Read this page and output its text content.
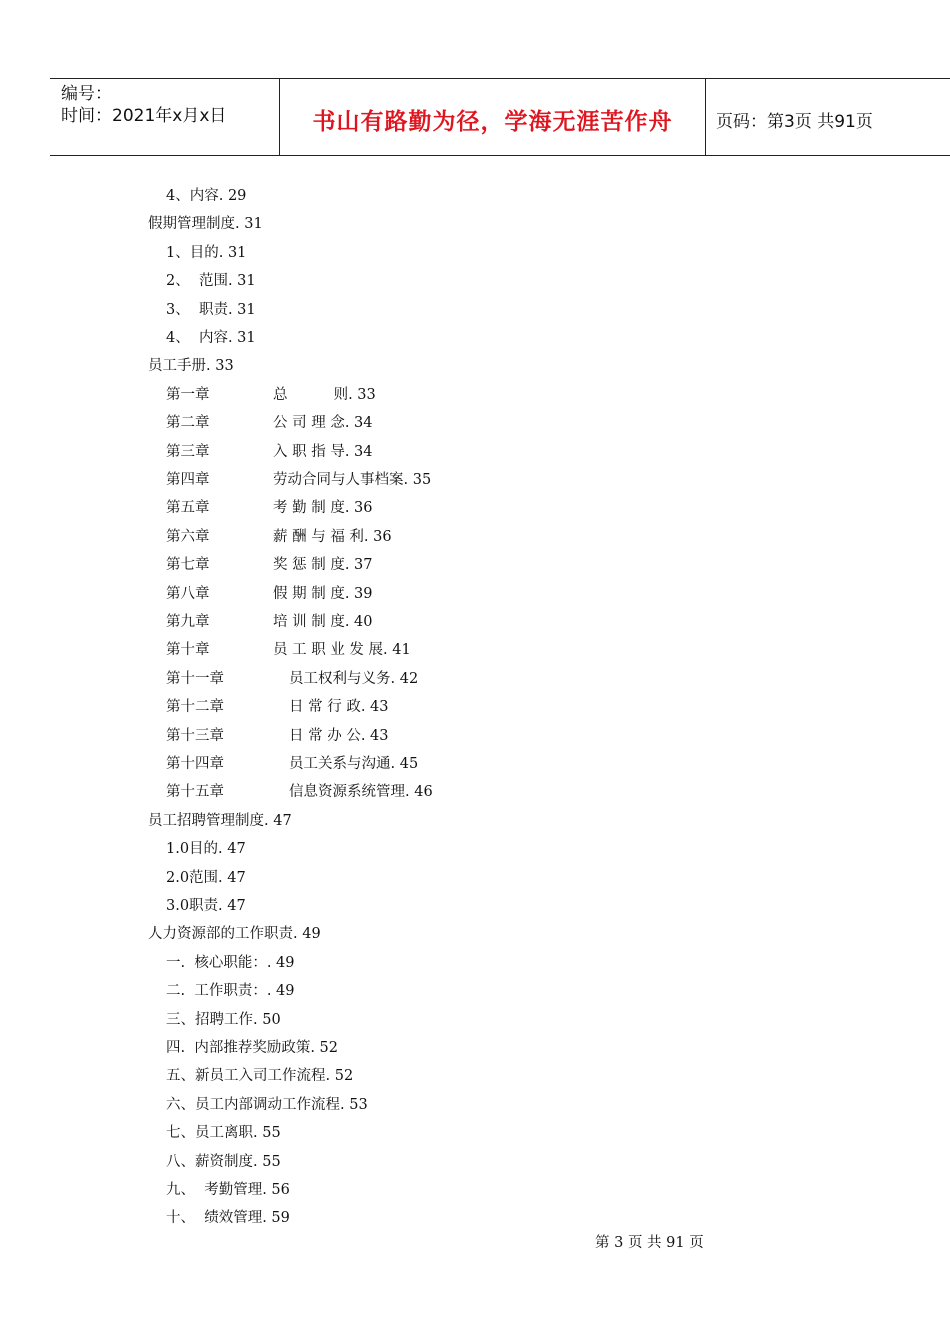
编号：
时间：2021年x月x日	书山有路勤为径，学海无涯苦作舟	页码：第3页 共91页
4、内容. 29
假期管理制度. 31
1、目的. 31
2、  范围. 31
3、  职责. 31
4、  内容. 31
员工手册. 33
第一章	总          则. 33
第二章	公 司 理 念. 34
第三章	入 职 指 导. 34
第四章	劳动合同与人事档案. 35
第五章	考 勤 制 度. 36
第六章	薪 酬 与 福 利. 36
第七章	奖 惩 制 度. 37
第八章	假 期 制 度. 39
第九章	培 训 制 度. 40
第十章	员 工 职 业 发 展. 41
第十一章	员工权利与义务. 42
第十二章	日 常 行 政. 43
第十三章	日 常 办 公. 43
第十四章	员工关系与沟通. 45
第十五章	信息资源系统管理. 46
员工招聘管理制度. 47
1.0目的. 47
2.0范围. 47
3.0职责. 47
人力资源部的工作职责. 49
一.  核心职能：. 49
二.  工作职责：. 49
三、招聘工作. 50
四.  内部推荐奖励政策. 52
五、新员工入司工作流程. 52
六、员工内部调动工作流程. 53
七、员工离职. 55
八、薪资制度. 55
九、  考勤管理. 56
十、  绩效管理. 59
第 3 页 共 91 页
